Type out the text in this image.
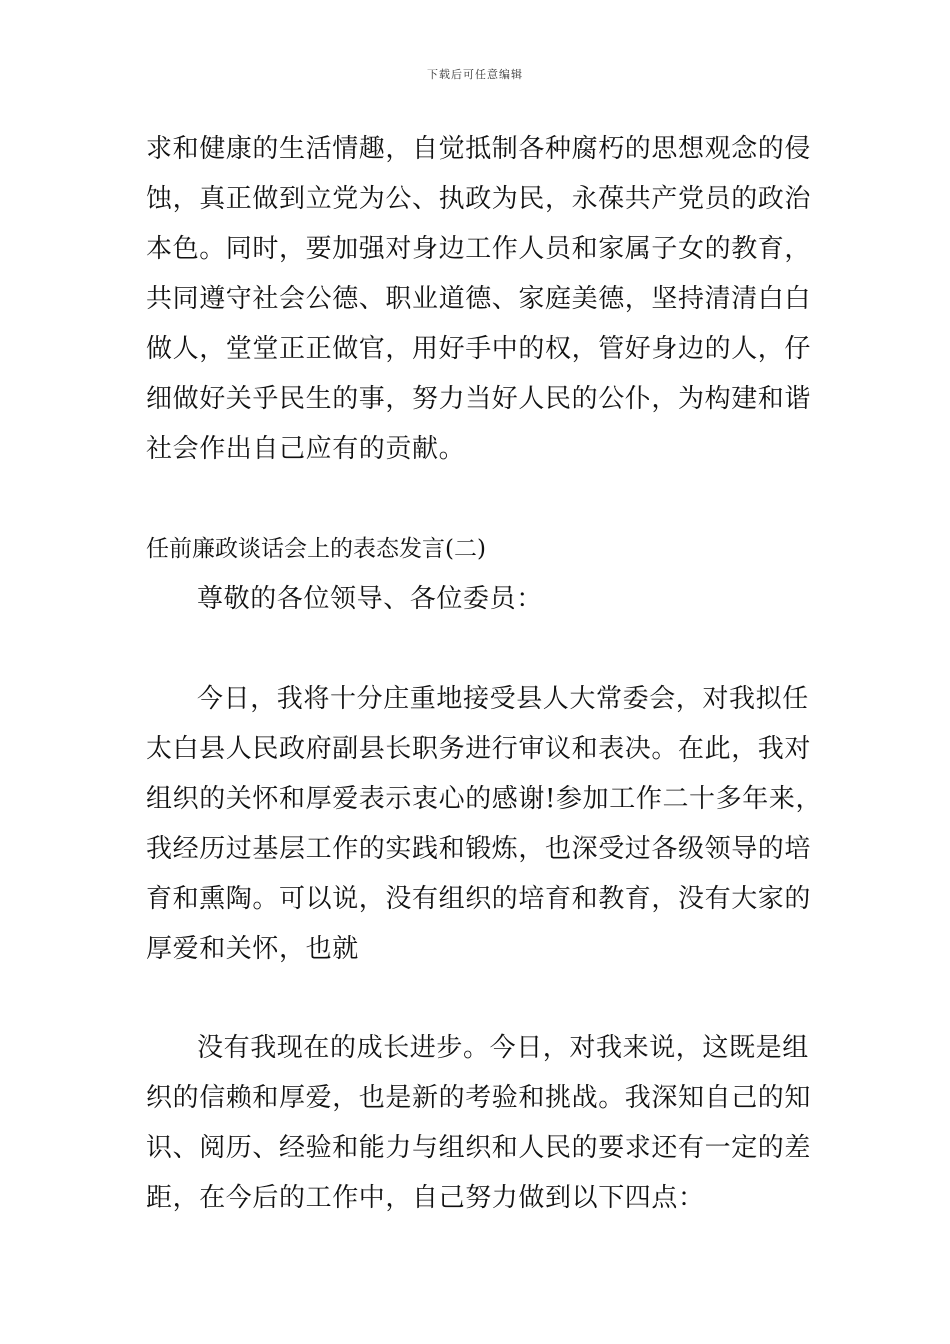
下载后可任意编辑
求和健康的生活情趣，自觉抵制各种腐朽的思想观念的侵
蚀，真正做到立党为公、执政为民，永葆共产党员的政治
本色。同时，要加强对身边工作人员和家属子女的教育，
共同遵守社会公德、职业道德、家庭美德，坚持清清白白
做人，堂堂正正做官，用好手中的权，管好身边的人，仔
细做好关乎民生的事，努力当好人民的公仆，为构建和谐
社会作出自己应有的贡献。
任前廉政谈话会上的表态发言(二)
尊敬的各位领导、各位委员：
今日，我将十分庄重地接受县人大常委会，对我拟任
太白县人民政府副县长职务进行审议和表决。在此，我对
组织的关怀和厚爱表示衷心的感谢!参加工作二十多年来，
我经历过基层工作的实践和锻炼，也深受过各级领导的培
育和熏陶。可以说，没有组织的培育和教育，没有大家的
厚爱和关怀，也就
没有我现在的成长进步。今日，对我来说，这既是组
织的信赖和厚爱，也是新的考验和挑战。我深知自己的知
识、阅历、经验和能力与组织和人民的要求还有一定的差
距，在今后的工作中，自己努力做到以下四点：
